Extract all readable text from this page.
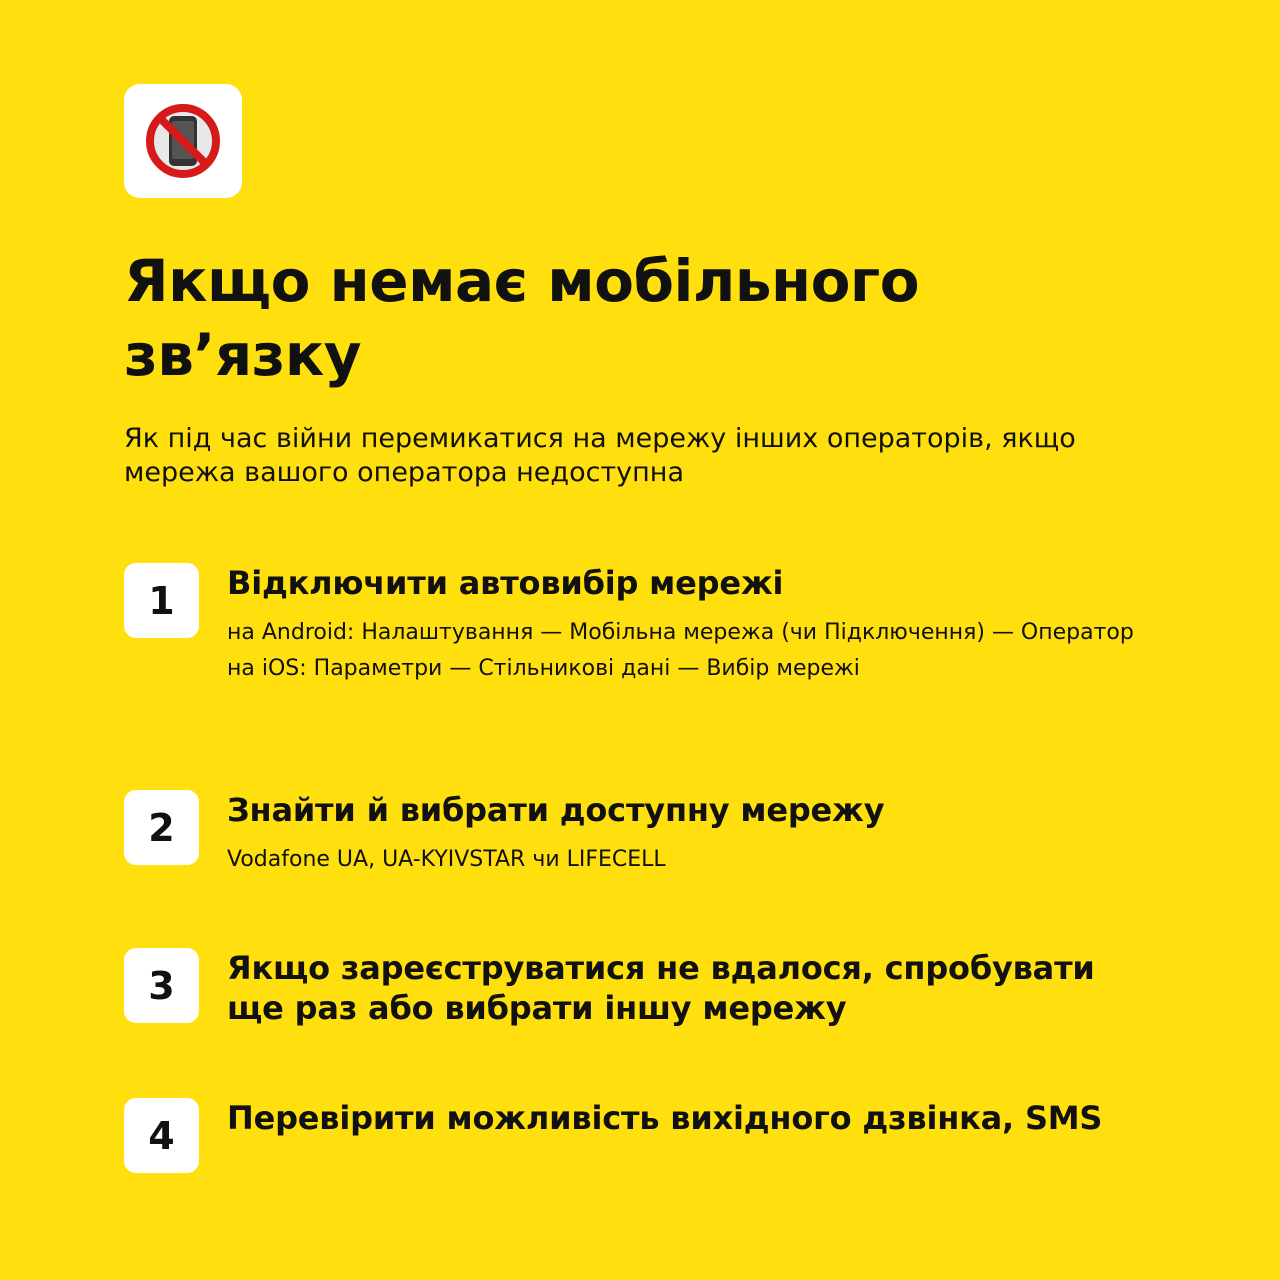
Якщо немає мобільного зв’язку

Як під час війни перемикатися на мережу інших операторів, якщо мережа вашого оператора недоступна

1	Відключити автовибір мережі

на Android: Налаштування — Мобільна мережа (чи Підключення) — Оператор

на iOS: Параметри — Стільникові дані — Вибір мережі

2	Знайти й вибрати доступну мережу

Vodafone UA, UA-KYIVSTAR чи LIFECELL

3	Якщо зареєструватися не вдалося, спробувати ще раз або вибрати іншу мережу

4	Перевірити можливість вихідного дзвінка, SMS
